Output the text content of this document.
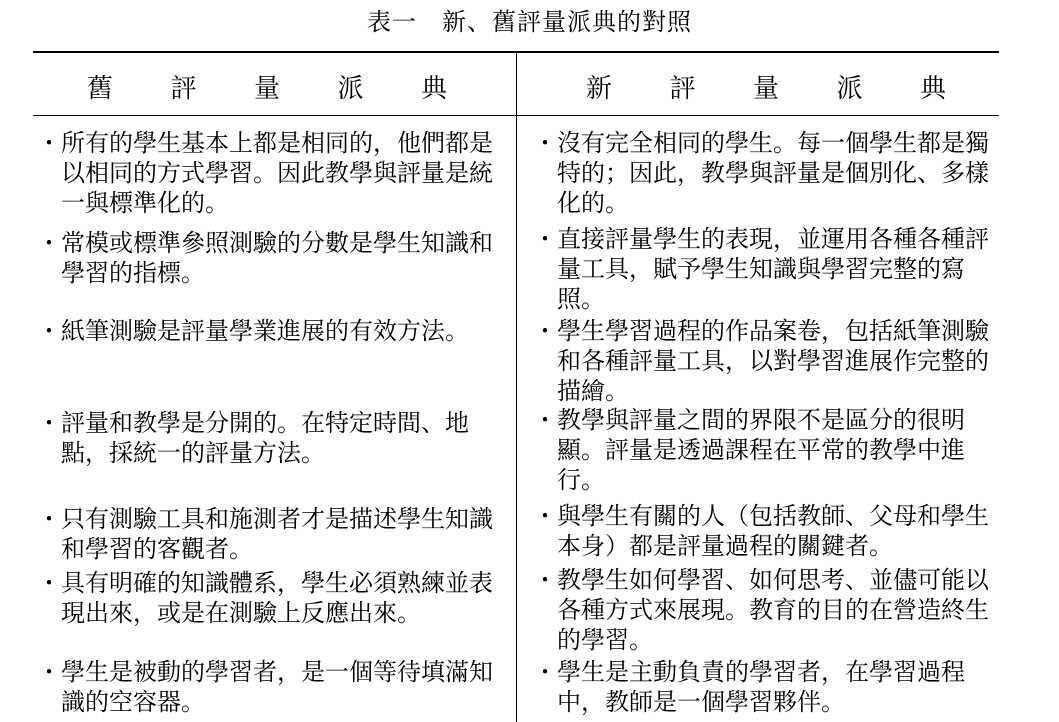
表一　新、舊評量派典的對照
舊 評 量 派 典	新 評 量 派 典
・ 所有的學生基本上都是相同的，他們都是以相同的方式學習。因此教學與評量是統一與標準化的。
・ 常模或標準參照測驗的分數是學生知識和學習的指標。
・ 紙筆測驗是評量學業進展的有效方法。
・ 評量和教學是分開的。在特定時間、地點，採統一的評量方法。
・ 只有測驗工具和施測者才是描述學生知識和學習的客觀者。
・ 具有明確的知識體系，學生必須熟練並表現出來，或是在測驗上反應出來。
・ 學生是被動的學習者，是一個等待填滿知識的空容器。
・ 沒有完全相同的學生。每一個學生都是獨特的；因此，教學與評量是個別化、多樣化的。
・ 直接評量學生的表現，並運用各種各種評量工具，賦予學生知識與學習完整的寫照。
・ 學生學習過程的作品案卷，包括紙筆測驗和各種評量工具，以對學習進展作完整的描繪。
・ 教學與評量之間的界限不是區分的很明顯。評量是透過課程在平常的教學中進行。
・ 與學生有關的人（包括教師、父母和學生本身）都是評量過程的關鍵者。
・ 教學生如何學習、如何思考、並儘可能以各種方式來展現。教育的目的在營造終生的學習。
・ 學生是主動負責的學習者，在學習過程中，教師是一個學習夥伴。
